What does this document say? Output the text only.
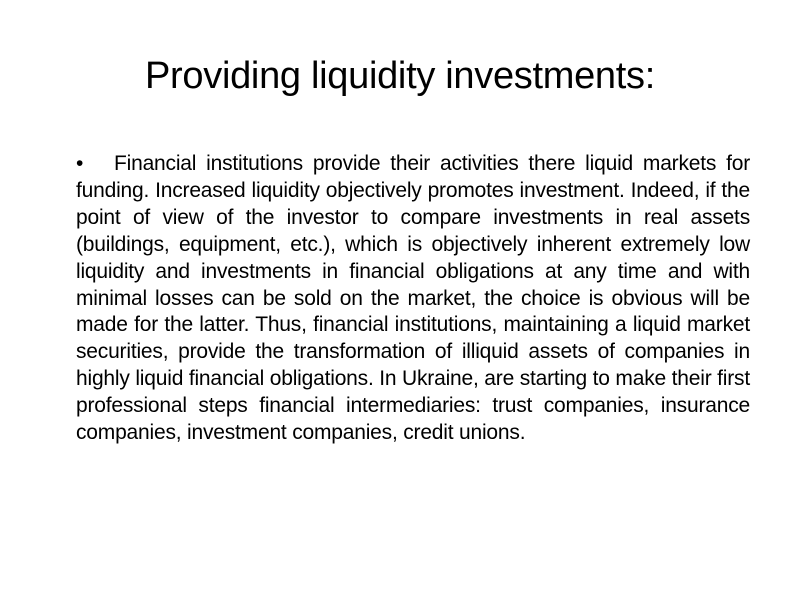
Providing liquidity investments:

• Financial institutions provide their activities there liquid markets for funding. Increased liquidity objectively promotes investment. Indeed, if the point of view of the investor to compare investments in real assets (buildings, equipment, etc.), which is objectively inherent extremely low liquidity and investments in financial obligations at any time and with minimal losses can be sold on the market, the choice is obvious will be made for the latter. Thus, financial institutions, maintaining a liquid market securities, provide the transformation of illiquid assets of companies in highly liquid financial obligations. In Ukraine, are starting to make their first professional steps financial intermediaries: trust companies, insurance companies, investment companies, credit unions.
